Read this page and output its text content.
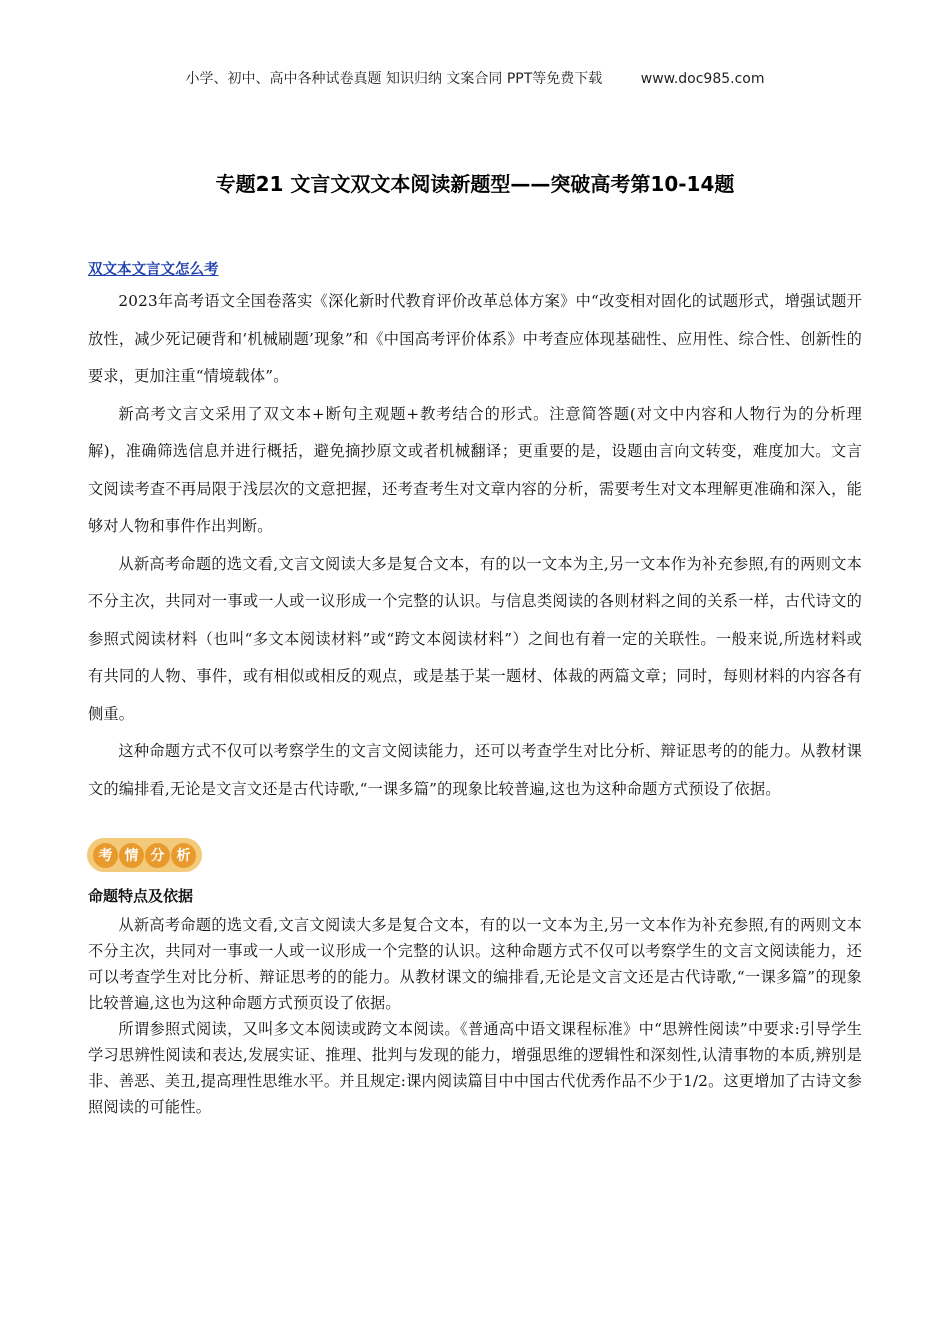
小学、初中、高中各种试卷真题 知识归纳 文案合同 PPT等免费下载	www.doc985.com
专题21 文言文双文本阅读新题型——突破高考第10-14题
双文本文言文怎么考

2023年高考语文全国卷落实《深化新时代教育评价改革总体方案》中“改变相对固化的试题形式，增强试题开放性，减少死记硬背和‘机械刷题’现象”和《中国高考评价体系》中考查应体现基础性、应用性、综合性、创新性的要求，更加注重“情境载体”。

新高考文言文采用了双文本+断句主观题+教考结合的形式。注意简答题(对文中内容和人物行为的分析理解)，准确筛选信息并进行概括，避免摘抄原文或者机械翻译；更重要的是，设题由言向文转变，难度加大。文言文阅读考查不再局限于浅层次的文意把握，还考查考生对文章内容的分析，需要考生对文本理解更准确和深入，能够对人物和事件作出判断。

从新高考命题的选文看,文言文阅读大多是复合文本，有的以一文本为主,另一文本作为补充参照,有的两则文本不分主次，共同对一事或一人或一议形成一个完整的认识。与信息类阅读的各则材料之间的关系一样，古代诗文的参照式阅读材料（也叫“多文本阅读材料”或“跨文本阅读材料”）之间也有着一定的关联性。一般来说,所选材料或有共同的人物、事件，或有相似或相反的观点，或是基于某一题材、体裁的两篇文章；同时，每则材料的内容各有侧重。

这种命题方式不仅可以考察学生的文言文阅读能力，还可以考查学生对比分析、辩证思考的的能力。从教材课文的编排看,无论是文言文还是古代诗歌,“一课多篇”的现象比较普遍,这也为这种命题方式预设了依据。

考 情 分 析
命题特点及依据

从新高考命题的选文看,文言文阅读大多是复合文本，有的以一文本为主,另一文本作为补充参照,有的两则文本不分主次，共同对一事或一人或一议形成一个完整的认识。这种命题方式不仅可以考察学生的文言文阅读能力，还可以考查学生对比分析、辩证思考的的能力。从教材课文的编排看,无论是文言文还是古代诗歌,“一课多篇”的现象比较普遍,这也为这种命题方式预页设了依据。

所谓参照式阅读，又叫多文本阅读或跨文本阅读。《普通高中语文课程标准》中“思辨性阅读”中要求:引导学生学习思辨性阅读和表达,发展实证、推理、批判与发现的能力，增强思维的逻辑性和深刻性,认清事物的本质,辨别是非、善恶、美丑,提高理性思维水平。并且规定:课内阅读篇目中中国古代优秀作品不少于1/2。这更增加了古诗文参照阅读的可能性。
